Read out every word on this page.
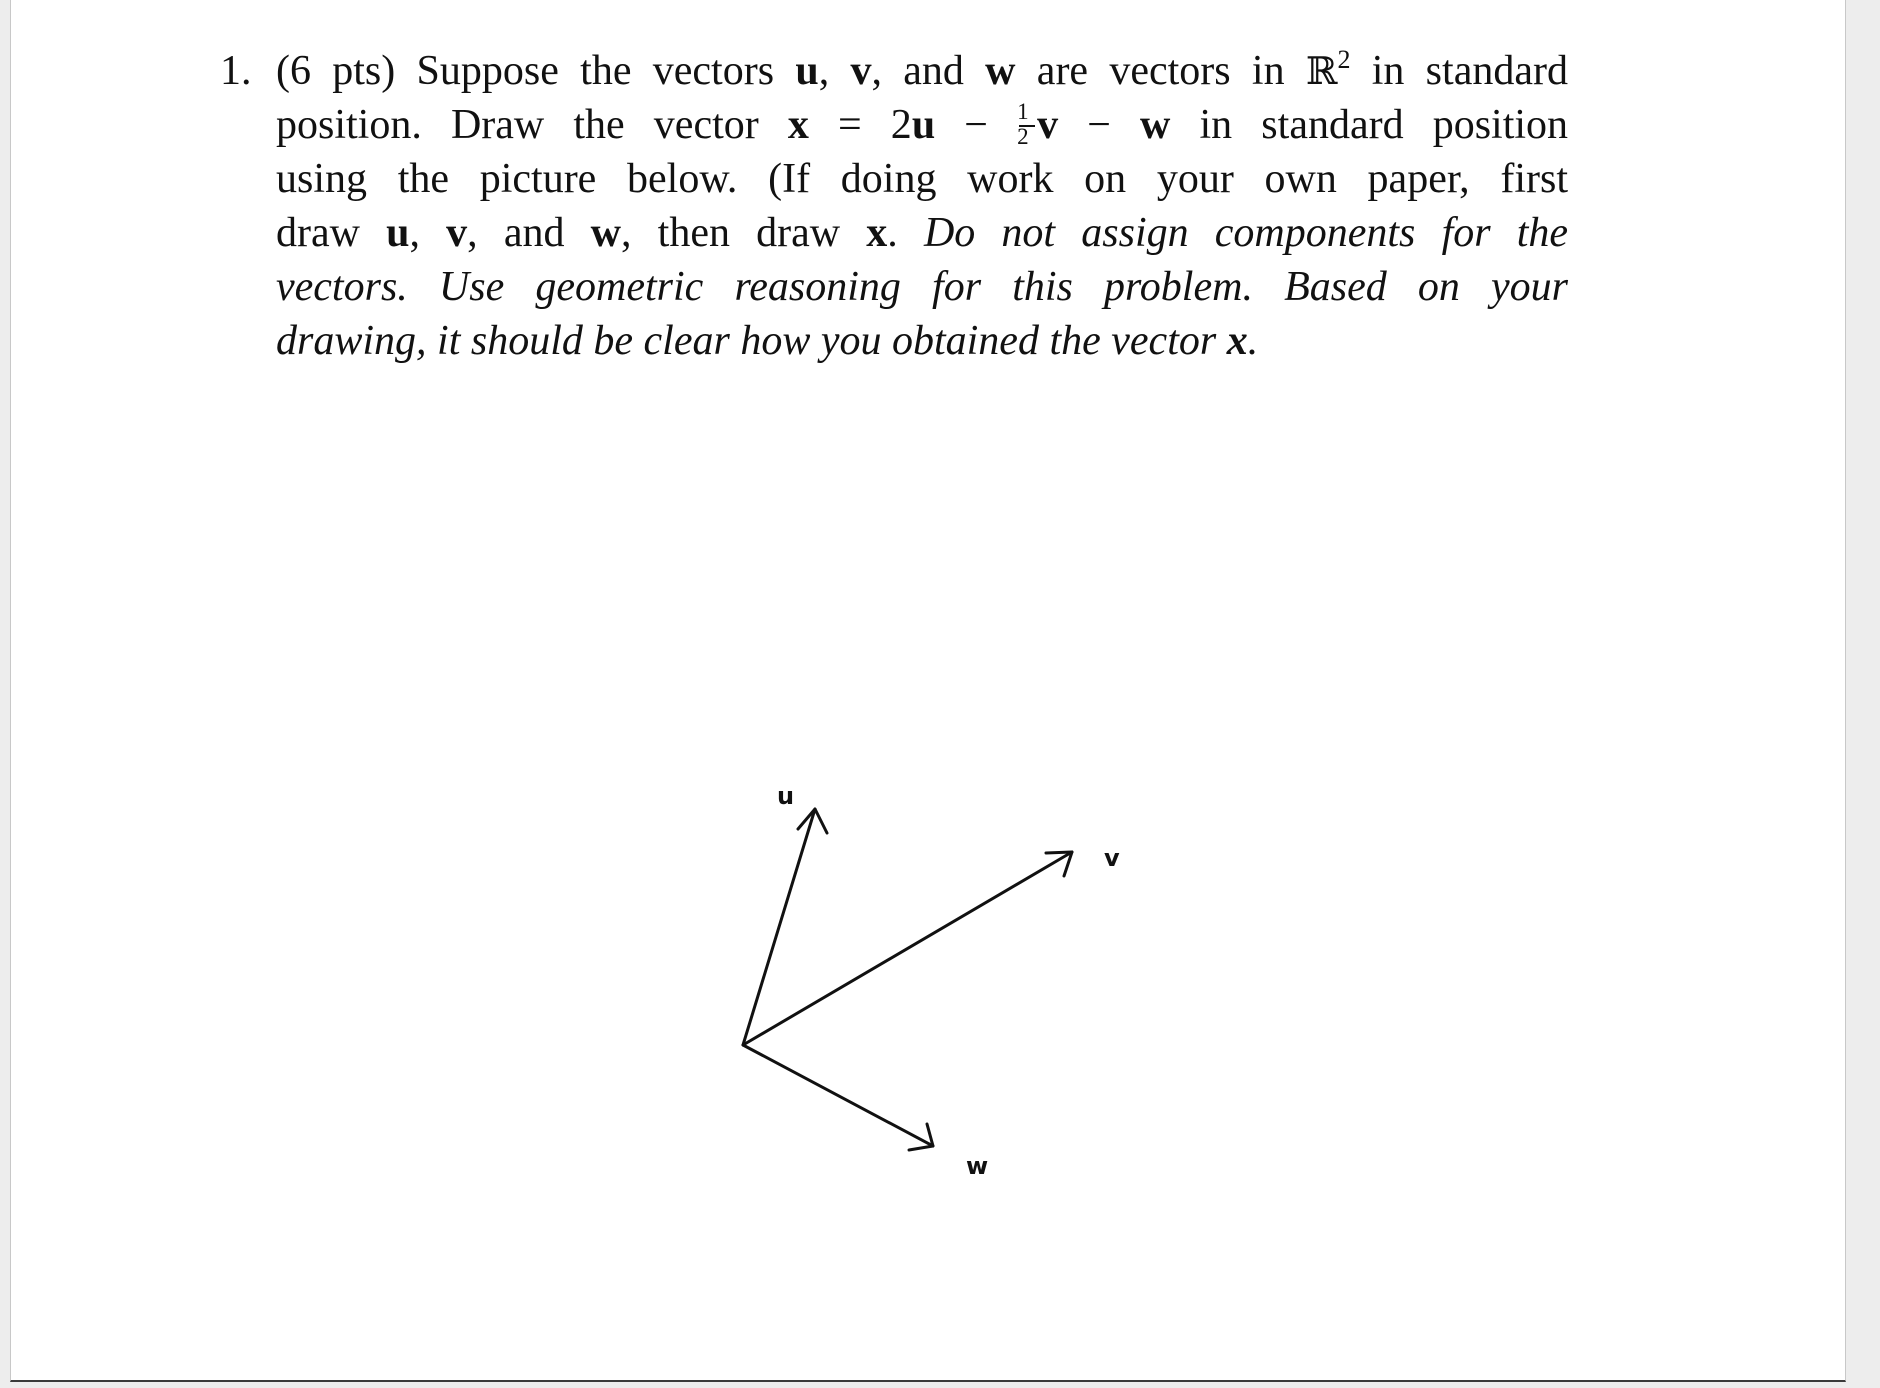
1. (6 pts) Suppose the vectors u, v, and w are vectors in ℝ$^2$ in standard
position. Draw the vector $x = 2u - \frac{1}{2}$ v − w in standard position
using the picture below. (If doing work on your own paper, first
draw u, v, and w, then draw x. Do not assign components for the
vectors. Use geometric reasoning for this problem. Based on your
drawing, it should be clear how you obtained the vector x.
u
v
w
